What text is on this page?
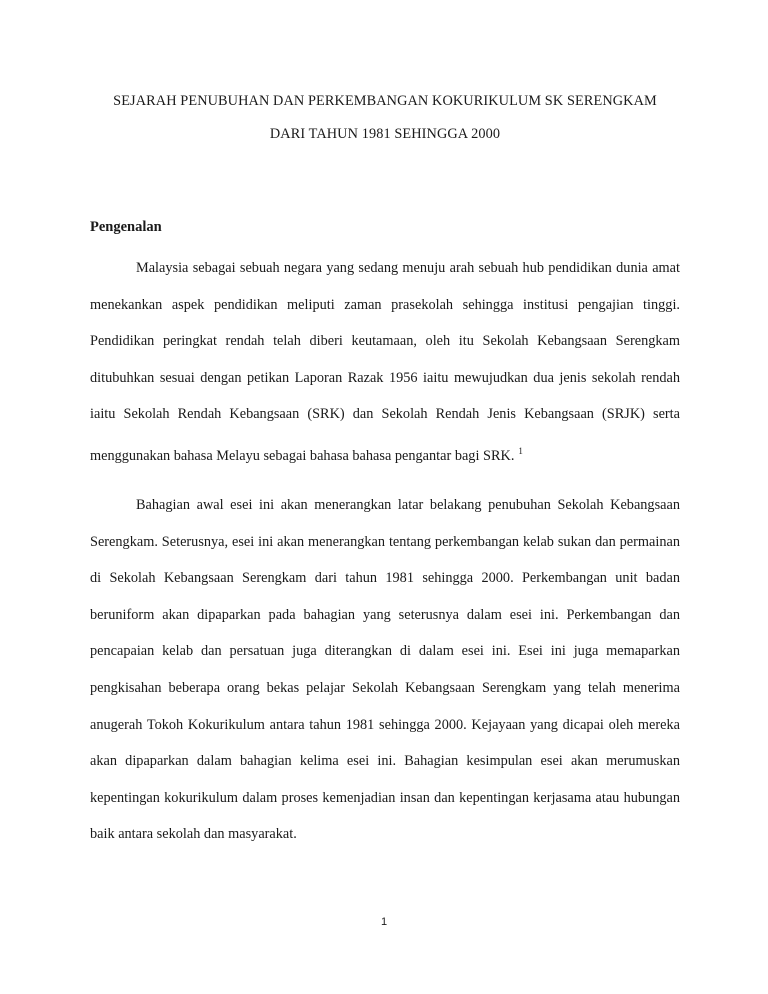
SEJARAH PENUBUHAN DAN PERKEMBANGAN KOKURIKULUM SK SERENGKAM
DARI TAHUN 1981 SEHINGGA 2000
Pengenalan

Malaysia sebagai sebuah negara yang sedang menuju arah sebuah hub pendidikan dunia amat menekankan aspek pendidikan meliputi zaman prasekolah sehingga institusi pengajian tinggi. Pendidikan peringkat rendah telah diberi keutamaan, oleh itu Sekolah Kebangsaan Serengkam ditubuhkan sesuai dengan petikan Laporan Razak 1956 iaitu mewujudkan dua jenis sekolah rendah iaitu Sekolah Rendah Kebangsaan (SRK) dan Sekolah Rendah Jenis Kebangsaan (SRJK) serta menggunakan bahasa Melayu sebagai bahasa bahasa pengantar bagi SRK. $^1$

Bahagian awal esei ini akan menerangkan latar belakang penubuhan Sekolah Kebangsaan Serengkam. Seterusnya, esei ini akan menerangkan tentang perkembangan kelab sukan dan permainan di Sekolah Kebangsaan Serengkam dari tahun 1981 sehingga 2000. Perkembangan unit badan beruniform akan dipaparkan pada bahagian yang seterusnya dalam esei ini. Perkembangan dan pencapaian kelab dan persatuan juga diterangkan di dalam esei ini. Esei ini juga memaparkan pengkisahan beberapa orang bekas pelajar Sekolah Kebangsaan Serengkam yang telah menerima anugerah Tokoh Kokurikulum antara tahun 1981 sehingga 2000. Kejayaan yang dicapai oleh mereka akan dipaparkan dalam bahagian kelima esei ini. Bahagian kesimpulan esei akan merumuskan kepentingan kokurikulum dalam proses kemenjadian insan dan kepentingan kerjasama atau hubungan baik antara sekolah dan masyarakat.

1
